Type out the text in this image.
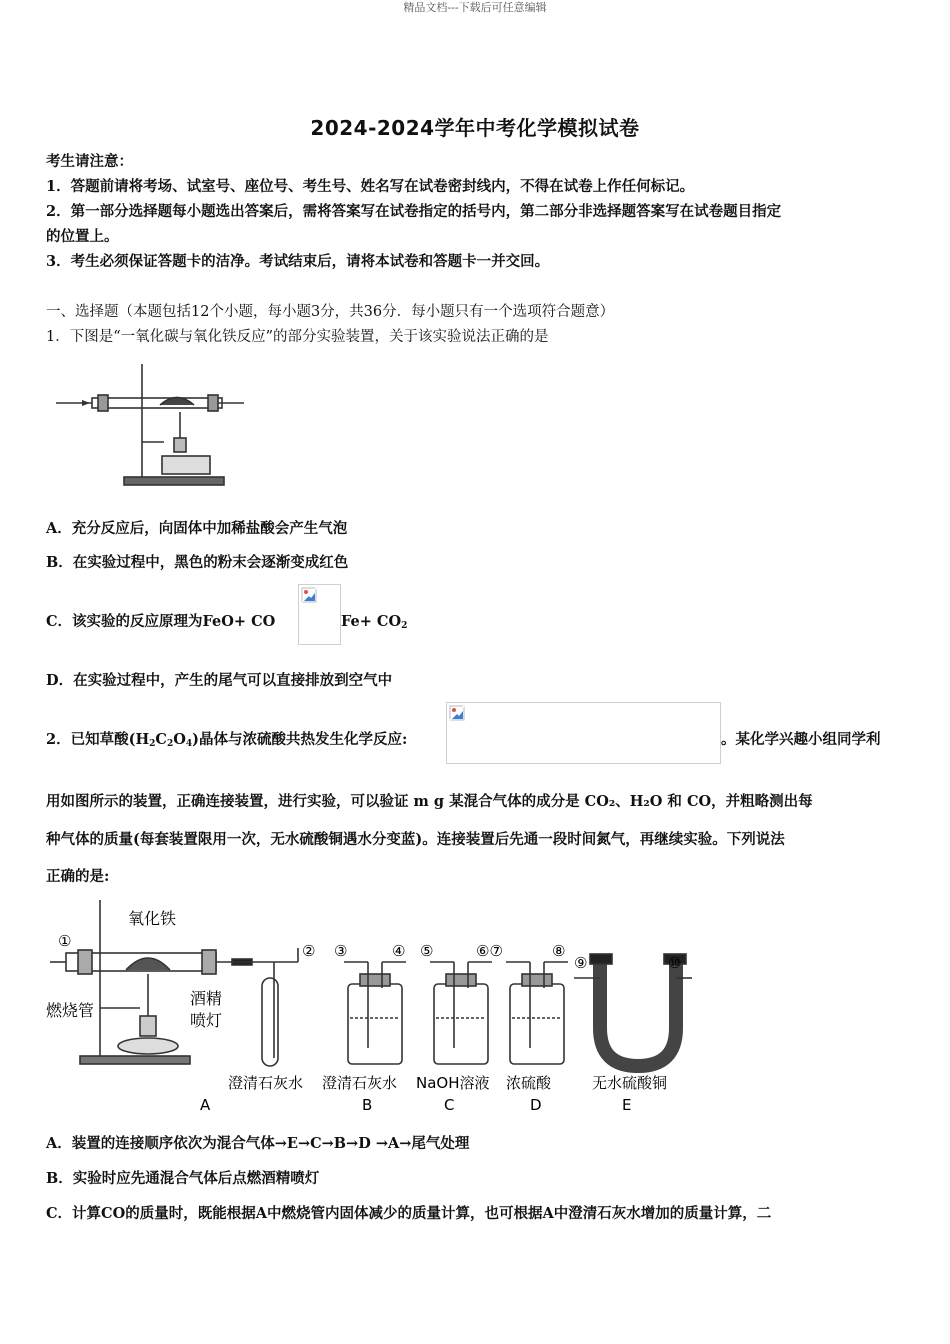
精品文档---下载后可任意编辑
2024-2024学年中考化学模拟试卷
考生请注意：
1．答题前请将考场、试室号、座位号、考生号、姓名写在试卷密封线内，不得在试卷上作任何标记。
2．第一部分选择题每小题选出答案后，需将答案写在试卷指定的括号内，第二部分非选择题答案写在试卷题目指定
的位置上。
3．考生必须保证答题卡的洁净。考试结束后，请将本试卷和答题卡一并交回。
一、选择题（本题包括12个小题，每小题3分，共36分．每小题只有一个选项符合题意）
1．下图是“一氧化碳与氧化铁反应”的部分实验装置，关于该实验说法正确的是
A．充分反应后，向固体中加稀盐酸会产生气泡
B．在实验过程中，黑色的粉末会逐渐变成红色
C．该实验的反应原理为FeO+ CO	$Fe+ CO_2$
D．在实验过程中，产生的尾气可以直接排放到空气中
2．已知草酸$(H_2C_2O_4)$晶体与浓硫酸共热发生化学反应:	。某化学兴趣小组同学利
用如图所示的装置，正确连接装置，进行实验，可以验证 m g 某混合气体的成分是 CO₂、H₂O 和 CO，并粗略测出每
种气体的质量(每套装置限用一次，无水硫酸铜遇水分变蓝)。连接装置后先通一段时间氮气，再继续实验。下列说法
正确的是:
①
② ③	④ ⑤	⑥⑦	⑧
⑨	⑩
氧化铁
燃烧管
酒精
喷灯
澄清石灰水 澄清石灰水 NaOH溶液 浓硫酸	无水硫酸铜
A	B	C	D	E
A．装置的连接顺序依次为混合气体→E→C→B→D →A→尾气处理
B．实验时应先通混合气体后点燃酒精喷灯
C．计算CO的质量时，既能根据A中燃烧管内固体减少的质量计算，也可根据A中澄清石灰水增加的质量计算，二
